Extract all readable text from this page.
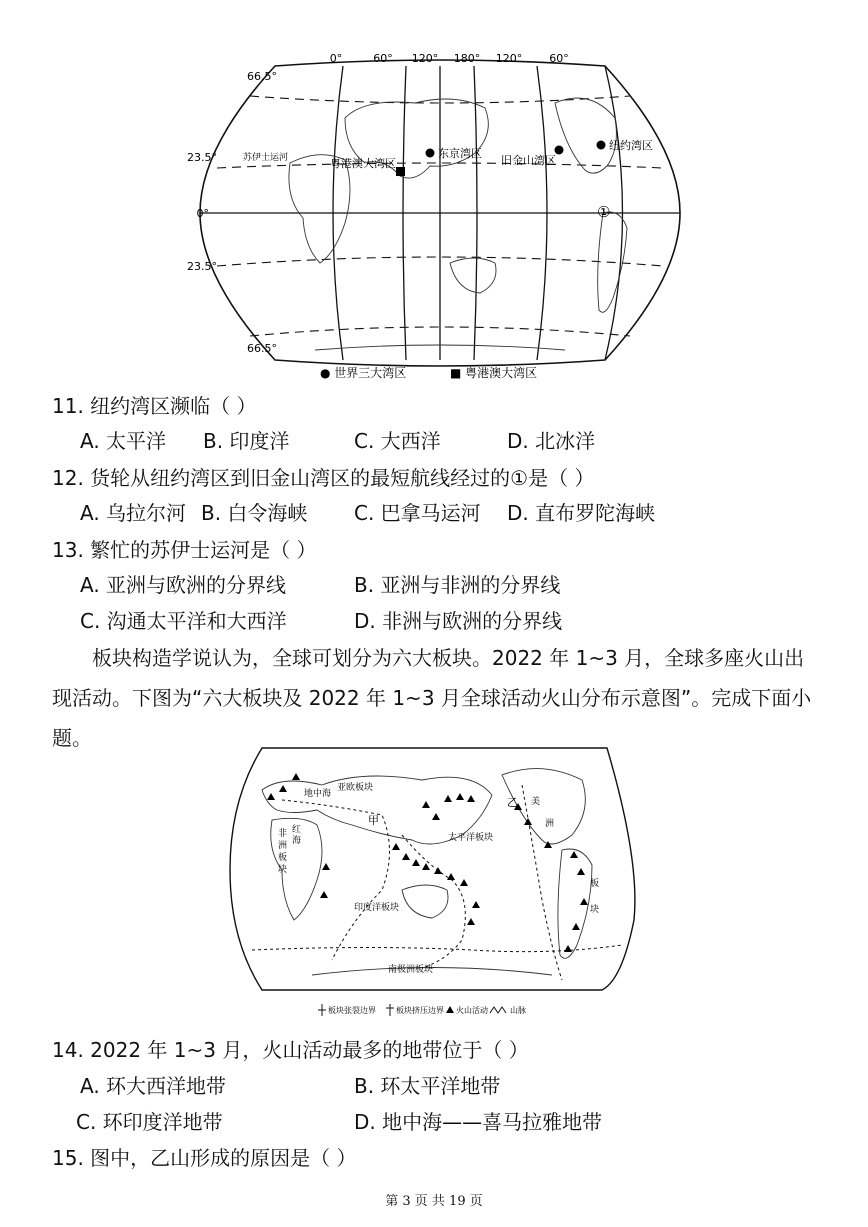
0°	60° 120° 180° 120° 60°
66.5°
23.5°
0°
23.5°
66.5°
苏伊士运河	粤港澳大湾区
东京湾区
旧金山湾区
纽约湾区
①
● 世界三大湾区	■ 粤港澳大湾区
11. 纽约湾区濒临（ ）
A. 太平洋 B. 印度洋	C. 大西洋	D. 北冰洋
12. 货轮从纽约湾区到旧金山湾区的最短航线经过的①是（ ）
A. 乌拉尔河 B. 白令海峡 C. 巴拿马运河 D. 直布罗陀海峡
13. 繁忙的苏伊士运河是（ ）
A. 亚洲与欧洲的分界线	B. 亚洲与非洲的分界线
C. 沟通太平洋和大西洋	D. 非洲与欧洲的分界线
板块构造学说认为，全球可划分为六大板块。2022 年 1~3 月，全球多座火山出现活动。下图为“六大板块及 2022 年 1~3 月全球活动火山分布示意图”。完成下面小题。
地中海
亚欧板块
红
海
非
洲
板
块
甲
乙 美
洲
太平洋板块
板
块
印度洋板块
南极洲板块
板块张裂边界	板块挤压边界 火山活动	山脉
14. 2022 年 1~3 月，火山活动最多的地带位于（ ）
A. 环大西洋地带	B. 环太平洋地带
C. 环印度洋地带	D. 地中海——喜马拉雅地带
15. 图中，乙山形成的原因是（ ）
第 3 页 共 19 页
